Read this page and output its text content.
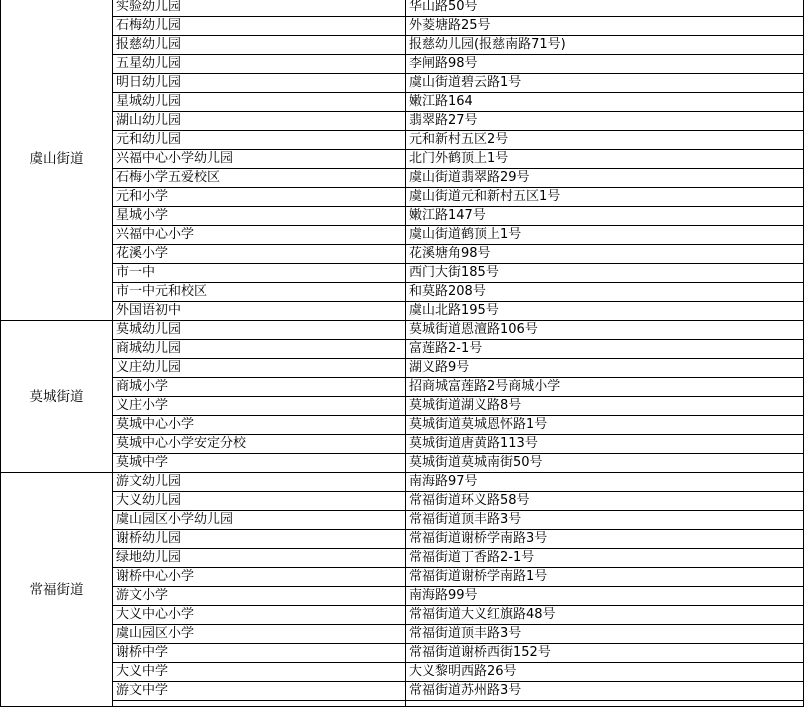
虞山街道	实验幼儿园	华山路50号
	石梅幼儿园	外菱塘路25号
	报慈幼儿园	报慈幼儿园(报慈南路71号)
	五星幼儿园	李闸路98号
	明日幼儿园	虞山街道碧云路1号
	星城幼儿园	嫩江路164
	湖山幼儿园	翡翠路27号
	元和幼儿园	元和新村五区2号
	兴福中心小学幼儿园	北门外鹤顶上1号
	石梅小学五爱校区	虞山街道翡翠路29号
	元和小学	虞山街道元和新村五区1号
	星城小学	嫩江路147号
	兴福中心小学	虞山街道鹤顶上1号
	花溪小学	花溪塘角98号
	市一中	西门大街185号
	市一中元和校区	和莫路208号
	外国语初中	虞山北路195号
莫城街道	莫城幼儿园	莫城街道恩澶路106号
	商城幼儿园	富莲路2-1号
	义庄幼儿园	湖义路9号
	商城小学	招商城富莲路2号商城小学
	义庄小学	莫城街道湖义路8号
	莫城中心小学	莫城街道莫城恩怀路1号
	莫城中心小学安定分校	莫城街道唐黄路113号
	莫城中学	莫城街道莫城南街50号
常福街道	游文幼儿园	南海路97号
	大义幼儿园	常福街道环义路58号
	虞山园区小学幼儿园	常福街道顶丰路3号
	谢桥幼儿园	常福街道谢桥学南路3号
	绿地幼儿园	常福街道丁香路2-1号
	谢桥中心小学	常福街道谢桥学南路1号
	游文小学	南海路99号
	大义中心小学	常福街道大义红旗路48号
	虞山园区小学	常福街道顶丰路3号
	谢桥中学	常福街道谢桥西街152号
	大义中学	大义黎明西路26号
	游文中学	常福街道苏州路3号
